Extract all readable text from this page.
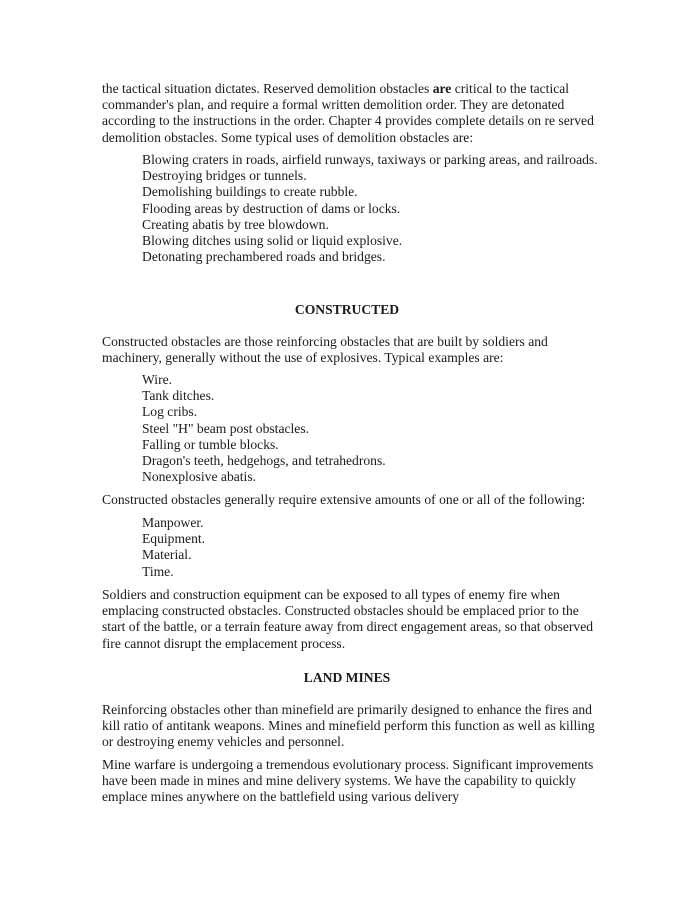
the tactical situation dictates. Reserved demolition obstacles are critical to the tactical commander's plan, and require a formal written demolition order. They are detonated according to the instructions in the order. Chapter 4 provides complete details on re served demolition obstacles. Some typical uses of demolition obstacles are:

Blowing craters in roads, airfield runways, taxiways or parking areas, and railroads.
Destroying bridges or tunnels.
Demolishing buildings to create rubble.
Flooding areas by destruction of dams or locks.
Creating abatis by tree blowdown.
Blowing ditches using solid or liquid explosive.
Detonating prechambered roads and bridges.
CONSTRUCTED

Constructed obstacles are those reinforcing obstacles that are built by soldiers and machinery, generally without the use of explosives. Typical examples are:

Wire.
Tank ditches.
Log cribs.
Steel "H" beam post obstacles.
Falling or tumble blocks.
Dragon's teeth, hedgehogs, and tetrahedrons.
Nonexplosive abatis.

Constructed obstacles generally require extensive amounts of one or all of the following:

Manpower.
Equipment.
Material.
Time.

Soldiers and construction equipment can be exposed to all types of enemy fire when emplacing constructed obstacles. Constructed obstacles should be emplaced prior to the start of the battle, or a terrain feature away from direct engagement areas, so that observed fire cannot disrupt the emplacement process.

LAND MINES

Reinforcing obstacles other than minefield are primarily designed to enhance the fires and kill ratio of antitank weapons. Mines and minefield perform this function as well as killing or destroying enemy vehicles and personnel.

Mine warfare is undergoing a tremendous evolutionary process. Significant improvements have been made in mines and mine delivery systems. We have the capability to quickly emplace mines anywhere on the battlefield using various delivery
